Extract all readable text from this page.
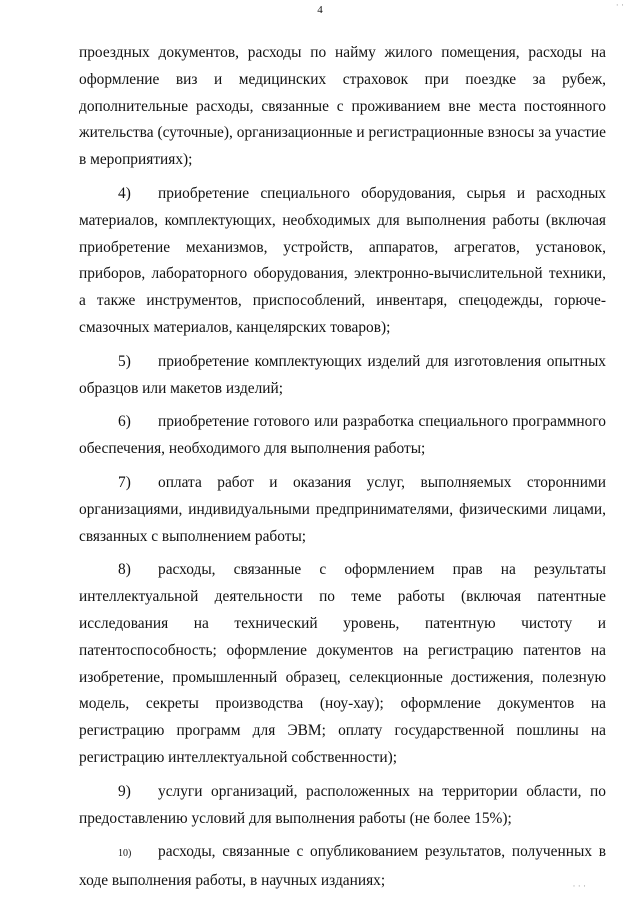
4

проездных документов, расходы по найму жилого помещения, расходы на оформление виз и медицинских страховок при поездке за рубеж, дополнительные расходы, связанные с проживанием вне места постоянного жительства (суточные), организационные и регистрационные взносы за участие в мероприятиях);

4) приобретение специального оборудования, сырья и расходных материалов, комплектующих, необходимых для выполнения работы (включая приобретение механизмов, устройств, аппаратов, агрегатов, установок, приборов, лабораторного оборудования, электронно-вычислительной техники, а также инструментов, приспособлений, инвентаря, спецодежды, горюче-смазочных материалов, канцелярских товаров);

5) приобретение комплектующих изделий для изготовления опытных образцов или макетов изделий;

6) приобретение готового или разработка специального программного обеспечения, необходимого для выполнения работы;

7) оплата работ и оказания услуг, выполняемых сторонними организациями, индивидуальными предпринимателями, физическими лицами, связанных с выполнением работы;

8) расходы, связанные с оформлением прав на результаты интеллектуальной деятельности по теме работы (включая патентные исследования на технический уровень, патентную чистоту и патентоспособность; оформление документов на регистрацию патентов на изобретение, промышленный образец, селекционные достижения, полезную модель, секреты производства (ноу-хау); оформление документов на регистрацию программ для ЭВМ; оплату государственной пошлины на регистрацию интеллектуальной собственности);

9) услуги организаций, расположенных на территории области, по предоставлению условий для выполнения работы (не более 15%);

10) расходы, связанные с опубликованием результатов, полученных в ходе выполнения работы, в научных изданиях;

· ·
· · ·
